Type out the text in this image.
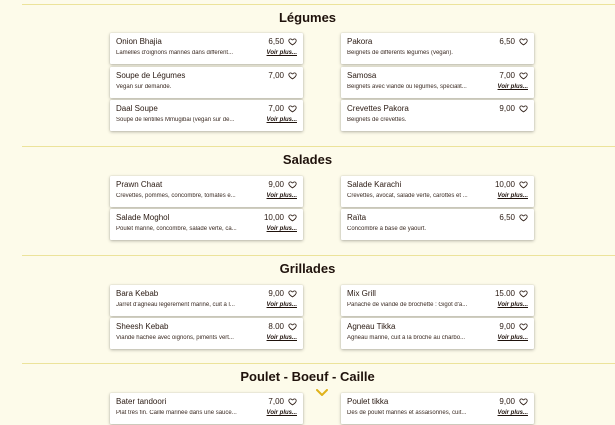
Légumes
Onion Bhajia	6,50
Lamelles d'oignons marinés dans different...	Voir plus...
Pakora	6,50
Beignets de différents légumes (vegan).
Soupe de Légumes	7,00
Vegan sur demande.
Samosa	7,00
Beignets avec viande ou légumes, spécialit...	Voir plus...
Daal Soupe	7,00
Soupe de lentilles Mmugibai (vegan sur de...	Voir plus...
Crevettes Pakora	9,00
Beignets de crevettes.
Salades
Prawn Chaat	9,00
Crevettes, pommes, concombre, tomates e...	Voir plus...
Salade Karachi	10,00
Crevettes, avocat, salade verte, carottes et ...	Voir plus...
Salade Moghol	10,00
Poulet mariné, concombre, salade verte, ca...	Voir plus...
Raïta	6,50
Concombre à base de yaourt.
Grillades
Bara Kebab	9,00
Jarret d'agneau légèrement mariné, cuit à l...	Voir plus...
Mix Grill	15.00
Panaché de viande de brochette : Gigot d'a...	Voir plus...
Sheesh Kebab	8.00
Viande hachée avec oignons, piments vert...	Voir plus...
Agneau Tikka	9,00
Agneau mariné, cuit à la broche au charbo...	Voir plus...
Poulet - Boeuf - Caille
Bater tandoori	7,00
Plat très fin. Caille marinée dans une sauce...	Voir plus...
Poulet tikka	9,00
Dés de poulet marinés et assaisonnés, cuit...	Voir plus...
